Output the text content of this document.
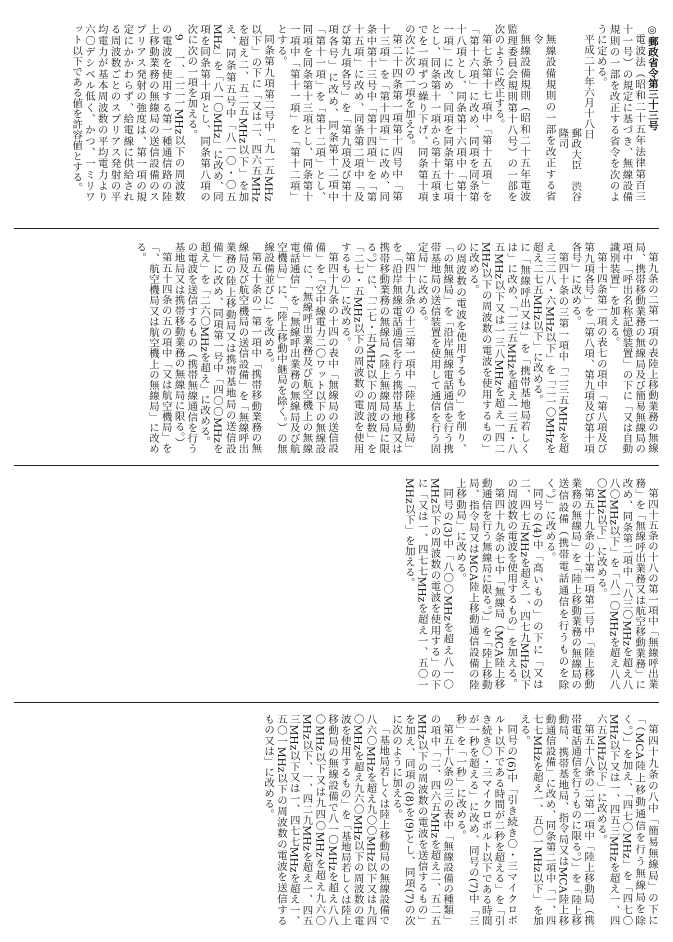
◎郵政省令第三十三号

電波法（昭和二十五年法律第百三十一号）の規定に基づき、無線設備規則の一部を改正する省令を次のように定める。

平成二十年六月十八日

郵政大臣　渋谷　隆司

無線設備規則の一部を改正する省令

無線設備規則（昭和二十五年電波監理委員会規則第十八号）の一部を次のように改正する。

第七条第十七項中「第十五項」を「第十六項」に改め、同項を同条第十八項とし、同条第十六項中「第十一項」に改め、同項を同条第十七項とし、同条第十一項から第十五項までを一項ずつ繰り下げ、同条第十項の次に次の一項を加える。

第二十四条第一項第十四号中「第十三項」を「第十四項」に改め、同条中第十三号中「第十四項」を「第十五項」に改め、同条第二項中「及び第九項各号」を「第九項及び第十項各号」に改め、同条第十二項中「第十一項」を「第十二項」とし、同項を同条第十三項とし、同条第十一項中「第十一項」を「第十二項」とする。

同条第九項第二号中「九一五MHz以下」の下に「又は二、四六五MHzを超え二、五二五MHz以下」を加え、同条第五号中「八一〇・〇五MHz」を「八一〇MHz」に改め、同項を同条第十項とし、同条第八項の次に次の一項を加える。

9　一、二二一MHz以下の周波数の電波を使用する第一種通信路の陸上移動業務の無線局の送信設備のスプリアス発射の強度は、第一項の規定にかかわらず、給電線に供給される周波数ごとのスプリアス発射の平均電力が基本周波数の平均電力より六〇デシベル低く、かつ、一ミリワット以下である値を許容値とする。

第九条の二第一項の表陸上移動業務の無線局、携帯移動業務の無線局及び簡易無線局の項中「呼出名称記憶装置」の下に「又は自動識別装置」を加える。

第十四条第一項の表七の項中「第八項及び第九項各号」を「第八項、第九項及び第十項各号」に改める。

第四十条の三第一項中「二三五MHzを超え三二八・六MHz以下」を「二一〇MHzを超え二七五MHz以下」に改める。

に「無線呼出又は」を「携帯基地局若しくは」に改め、「一三五MHzを超え一三五・八五MHz以下又は一三八MHzを超え一四二MHz以下の周波数の電波を使用するもの」に改める。

の周波数の電波を使用するもの」を削り、「の無線局」を「沿岸無線電話通信を行う携帯基地局の送信装置を使用して通信を行う固定局」に改める。

第四十九条の十三第一項中「陸上移動局」を「沿岸無線電話通信を行う携帯基地局又は携帯移動業務の無線局（陸上無線局の局に限る。）」に、「二七・五MHz以下の周波数」を「二七・五MHz以下の周波数の電波を使用するもの」に改める。

第四十九条の十四の表中「無線局の送信設備」を「空中線電力二〇ワット以下の無線設備」に、「無線呼出業務及び航空機上の無線電話通信」を「無線呼出業務の無線局及び航空機局」に、「陸上移動中継局を除く。）の無線設備並びに」を改める。

第五十条の一第一項中「携帯移動業務の無線局及び航空機局の送信設備」を「無線呼出業務の陸上移動局又は携帯基地局の送信設備」に改め、同項第一号中「四〇〇MHzを超え」を「二六〇MHzを超え」に改める。

の電波を送信するもの（携帯無線通信を行う基地局又は携帯移動業務の無線局に限る。）

第五十四条の五の項中「又は航空機局」を「、航空機局又は航空機上の無線局」に改める。

第四十五条の十八の第一項中「無線呼出業務」を「無線呼出業務又は航空移動業務」に改め、同条第二項中「八三〇MHzを超え八八〇MHz以下」を「八一〇MHzを超え八八〇MHz以下」に改める。

第五十九条の十第一項第二号中「陸上移動業務の無線局」を「陸上移動業務の無線局の送信設備（携帯電話通信を行うものを除く。）」に改める。

同号の(4)中「高いもの」の下に「又は二、四七五MHzを超え一、四七九MHz以下の周波数の電波を使用するもの」を加える。

第四十九条の七中「無線局（MCA陸上移動通信を行う無線局に限る。）」を「陸上移動局、指令局又はMCA陸上移動通信設備の陸上移動局」に改める。

同号の(3)中「八〇〇MHzを超え八一〇MHz以下の周波数の電波を使用する」の下に「又は一、四七七MHzを超え一、五〇一MHz以下」を加える。

第四十九条の八中「簡易無線局」の下に「（MCA陸上移動通信を行う無線局を除く。）」を加え、「四七〇MHz」を「四七〇MHz以下又は一、四五三MHzを超え一、四六五MHz以下」に改める。

第五十八条の二第一項中「陸上移動局（携帯電話通信を行うものに限る。）」を「陸上移動局、携帯基地局、指令局又はMCA陸上移動通信設備」に改め、同条第二項中「一、四七七MHzを超え一、五〇一MHz以下」を加える。

同号の(6)中「引き続き〇・三マイクロボルト以下である時間が二秒を超える」を「引き続き〇・三マイクロボルト以下である時間が一秒を超える」に改め、同号の(7)中「三秒」を「一秒」に改める。

第五十八条の三の表中「無線設備の種類」の項中「二、四六五MHzを超え二、五二五MHz以下の周波数の電波を送信するもの」を加え、同項の(8)を(9)とし、同項(7)の次に次のように加える。

「基地局若しくは陸上移動局の無線設備で八六〇MHzを超え九〇〇MHz以下又は九四〇MHzを超え九六〇MHz以下の周波数の電波を使用するもの」を「基地局若しくは陸上移動局の無線設備で八一〇MHzを超え八八〇MHz以下又は九四〇MHzを超え九六〇MHz以下、一、四二九MHzを超え一、四五三MHz以下又は一、四七七MHzを超え一、五〇一MHz以下の周波数の電波を送信するもの又は」に改める。
